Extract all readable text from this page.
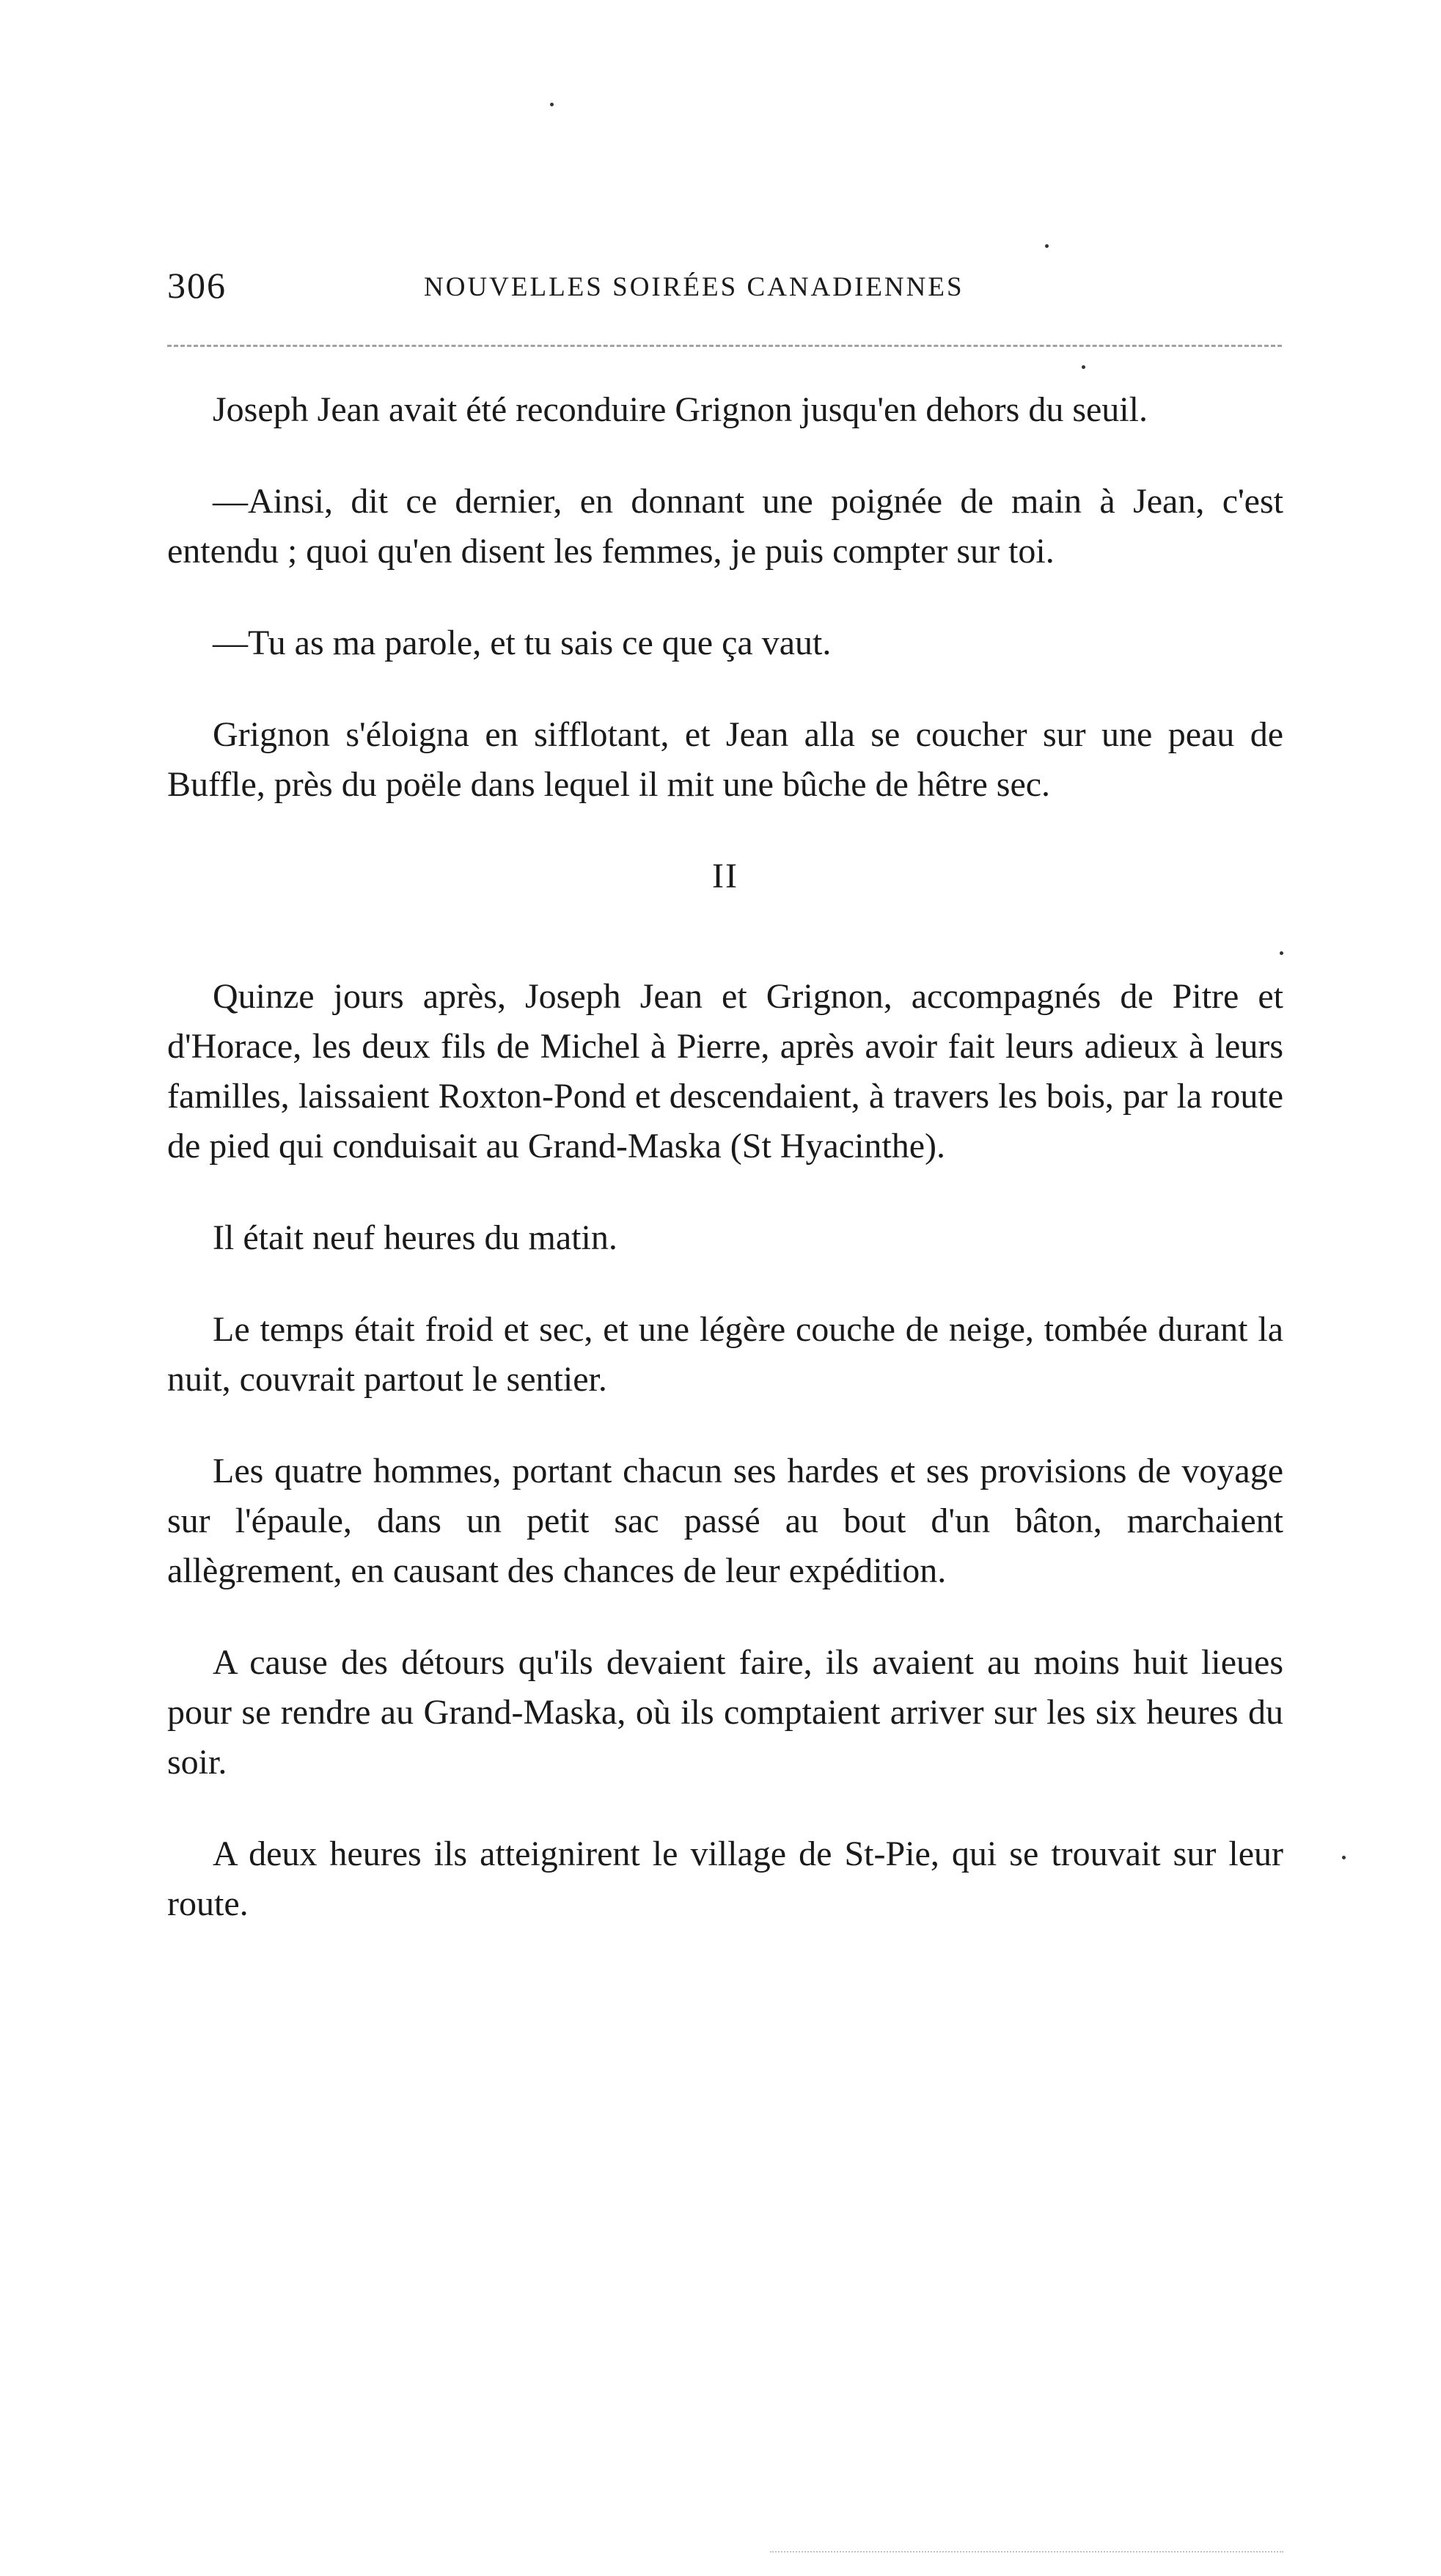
306	NOUVELLES SOIRÉES CANADIENNES

Joseph Jean avait été reconduire Grignon jusqu'en dehors du seuil.

—Ainsi, dit ce dernier, en donnant une poignée de main à Jean, c'est entendu ; quoi qu'en disent les femmes, je puis compter sur toi.

—Tu as ma parole, et tu sais ce que ça vaut.

Grignon s'éloigna en sifflotant, et Jean alla se coucher sur une peau de Buffle, près du poële dans lequel il mit une bûche de hêtre sec.

II

Quinze jours après, Joseph Jean et Grignon, accompagnés de Pitre et d'Horace, les deux fils de Michel à Pierre, après avoir fait leurs adieux à leurs familles, laissaient Roxton-Pond et descendaient, à travers les bois, par la route de pied qui conduisait au Grand-Maska (St Hyacinthe).

Il était neuf heures du matin.

Le temps était froid et sec, et une légère couche de neige, tombée durant la nuit, couvrait partout le sentier.

Les quatre hommes, portant chacun ses hardes et ses provisions de voyage sur l'épaule, dans un petit sac passé au bout d'un bâton, marchaient allègrement, en causant des chances de leur expédition.

A cause des détours qu'ils devaient faire, ils avaient au moins huit lieues pour se rendre au Grand-Maska, où ils comptaient arriver sur les six heures du soir.

A deux heures ils atteignirent le village de St-Pie, qui se trouvait sur leur route.
